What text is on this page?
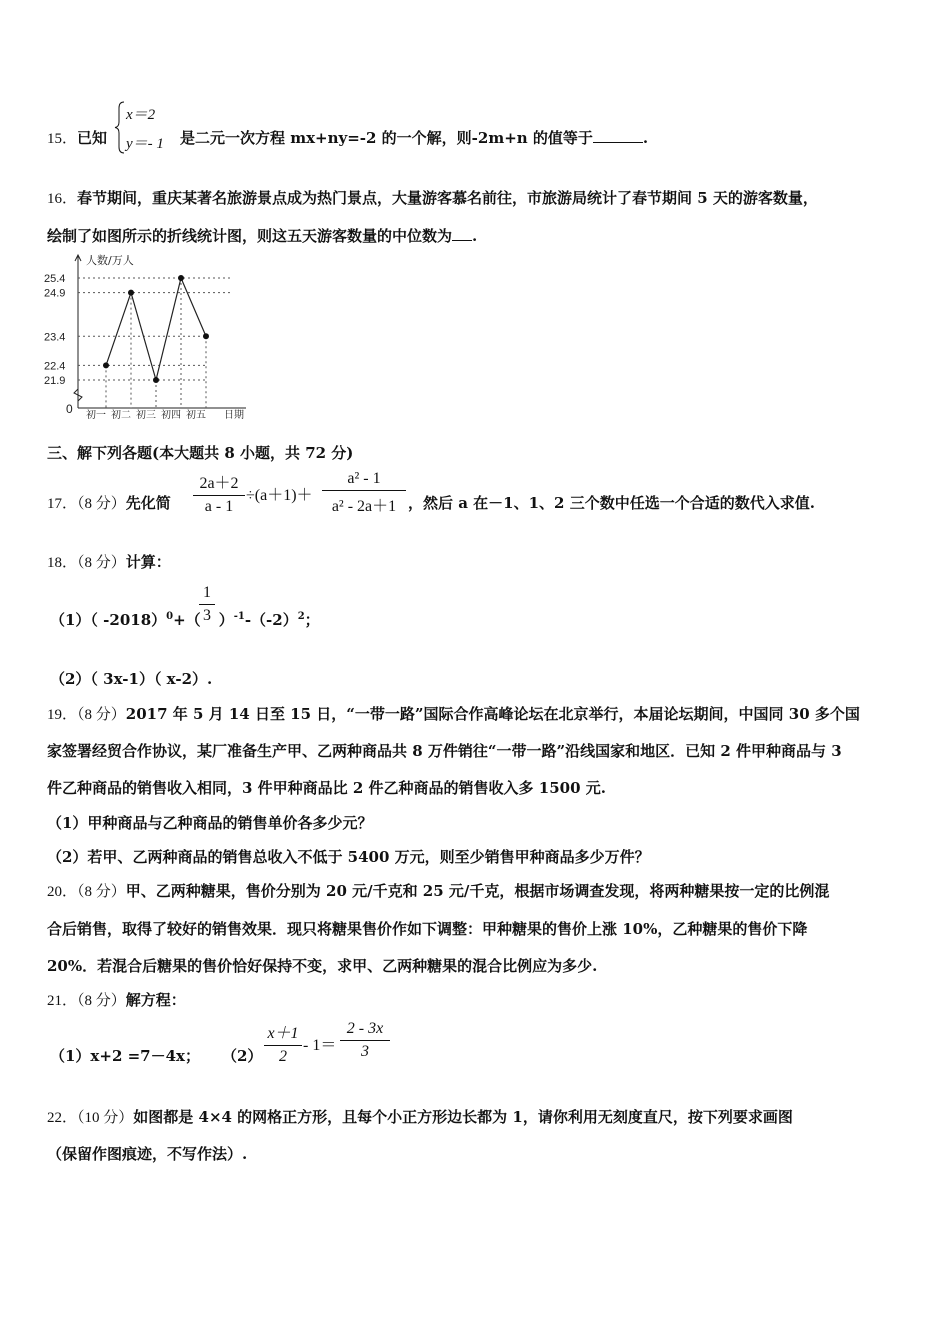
15．已知
x＝2
y＝- 1 是二元一次方程 mx+ny=-2 的一个解，则-2m+n 的值等于	.
16．春节期间，重庆某著名旅游景点成为热门景点，大量游客慕名前往，市旅游局统计了春节期间 5 天的游客数量，
绘制了如图所示的折线统计图，则这五天游客数量的中位数为 .
25.4
24.9
23.4
22.4
21.9
0
人数/万人
初一 初二 初三 初四 初五 日期
三、解下列各题(本大题共 8 小题，共 72 分)
17．（8 分）先化简
2a＋2
a - 1
÷(a＋1)＋
a² - 1
a² - 2a＋1 ，然后 a 在－1、1、2 三个数中任选一个合适的数代入求值.
18．（8 分）计算：
（1）（ -2018）$^0$+（ ）$^{-1}-(-2)^2$；
1
3
（2）（ 3x-1）（ x-2）.
19．（8 分）2017 年 5 月 14 日至 15 日，“一带一路”国际合作高峰论坛在北京举行，本届论坛期间，中国同 30 多个国
家签署经贸合作协议，某厂准备生产甲、乙两种商品共 8 万件销往“一带一路”沿线国家和地区．已知 2 件甲种商品与 3
件乙种商品的销售收入相同，3 件甲种商品比 2 件乙种商品的销售收入多 1500 元.
（1）甲种商品与乙种商品的销售单价各多少元？
（2）若甲、乙两种商品的销售总收入不低于 5400 万元，则至少销售甲种商品多少万件？
20．（8 分）甲、乙两种糖果，售价分别为 20 元/千克和 25 元/千克，根据市场调查发现，将两种糖果按一定的比例混
合后销售，取得了较好的销售效果．现只将糖果售价作如下调整：甲种糖果的售价上涨 10%，乙种糖果的售价下降
20%．若混合后糖果的售价恰好保持不变，求甲、乙两种糖果的混合比例应为多少.
21．（8 分）解方程：
（1）x+2 =7－4x； （2）
x＋1
2
- 1＝
2 - 3x
3
22．（10 分）如图都是 4×4 的网格正方形，且每个小正方形边长都为 1，请你利用无刻度直尺，按下列要求画图
（保留作图痕迹，不写作法）.
